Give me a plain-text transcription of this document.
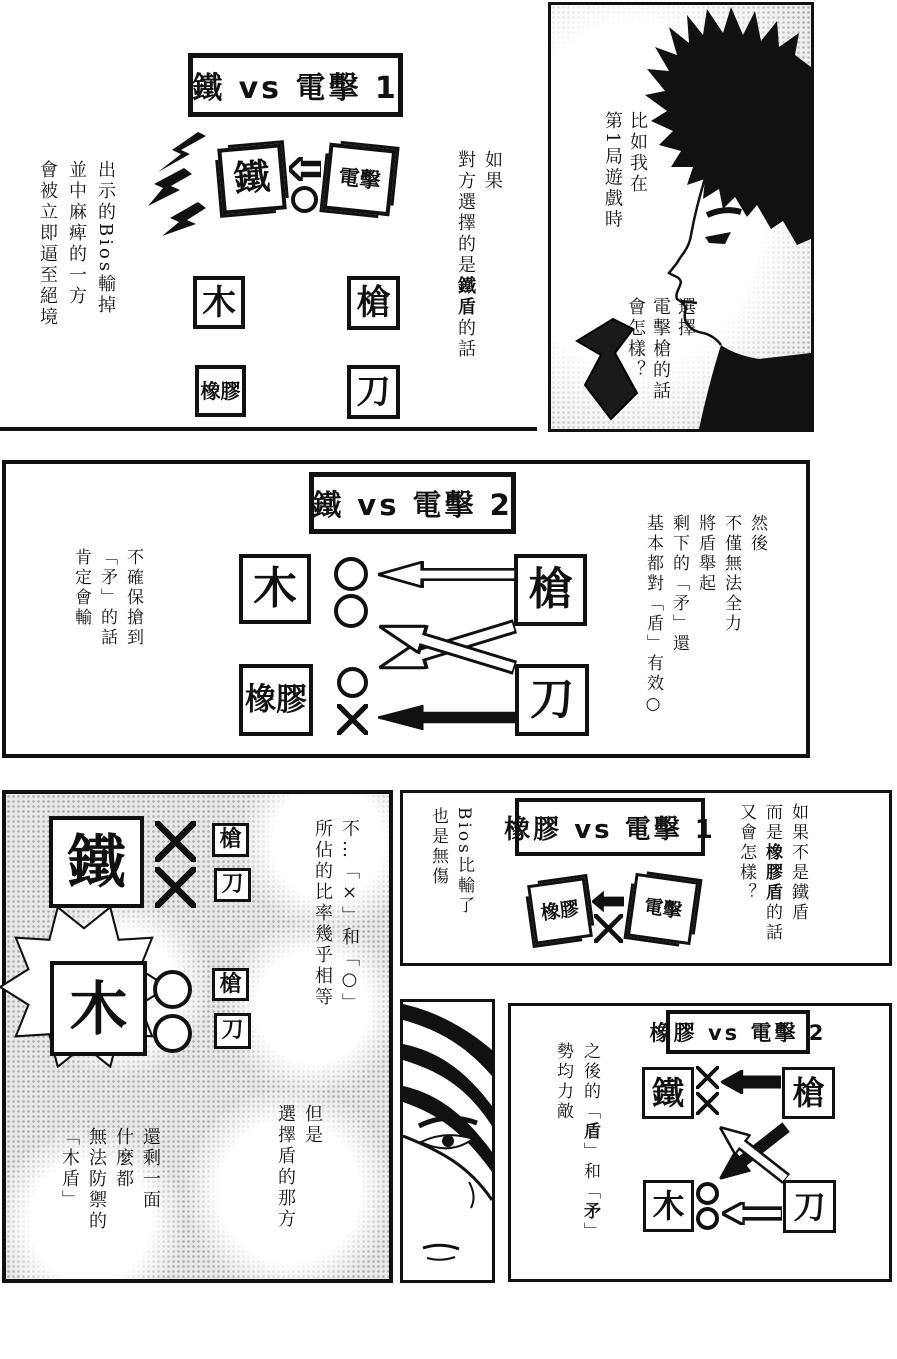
鐵 vs 電擊 1
鐵	電擊
木	槍
橡膠	刀
出示的Bios輸掉
並中麻痺的一方
會被立即逼至絕境	如果
對方選擇的是鐵盾的話
比如我在
第1局遊戲時
選擇
電擊槍的話
會怎樣？
鐵 vs 電擊 2
然後
不僅無法全力
將盾舉起
剩下的「矛」還
基本都對「盾」有效○
不確保搶到
「矛」的話
肯定會輸	木
橡膠
槍
刀
鐵	槍
刀
木	槍
刀
不…「×」和「○」
所佔的比率幾乎相等
但是
選擇盾的那方
還剩一面
什麼都
無法防禦的
「木盾」
橡膠 vs 電擊 1
Bios比輸了
也是無傷	如果不是鐵盾
而是橡膠盾的話
又會怎樣？
橡膠	電擊
橡膠 vs 電擊 2
之後的「盾」和「矛」
勢均力敵	鐵	槍
木	刀
